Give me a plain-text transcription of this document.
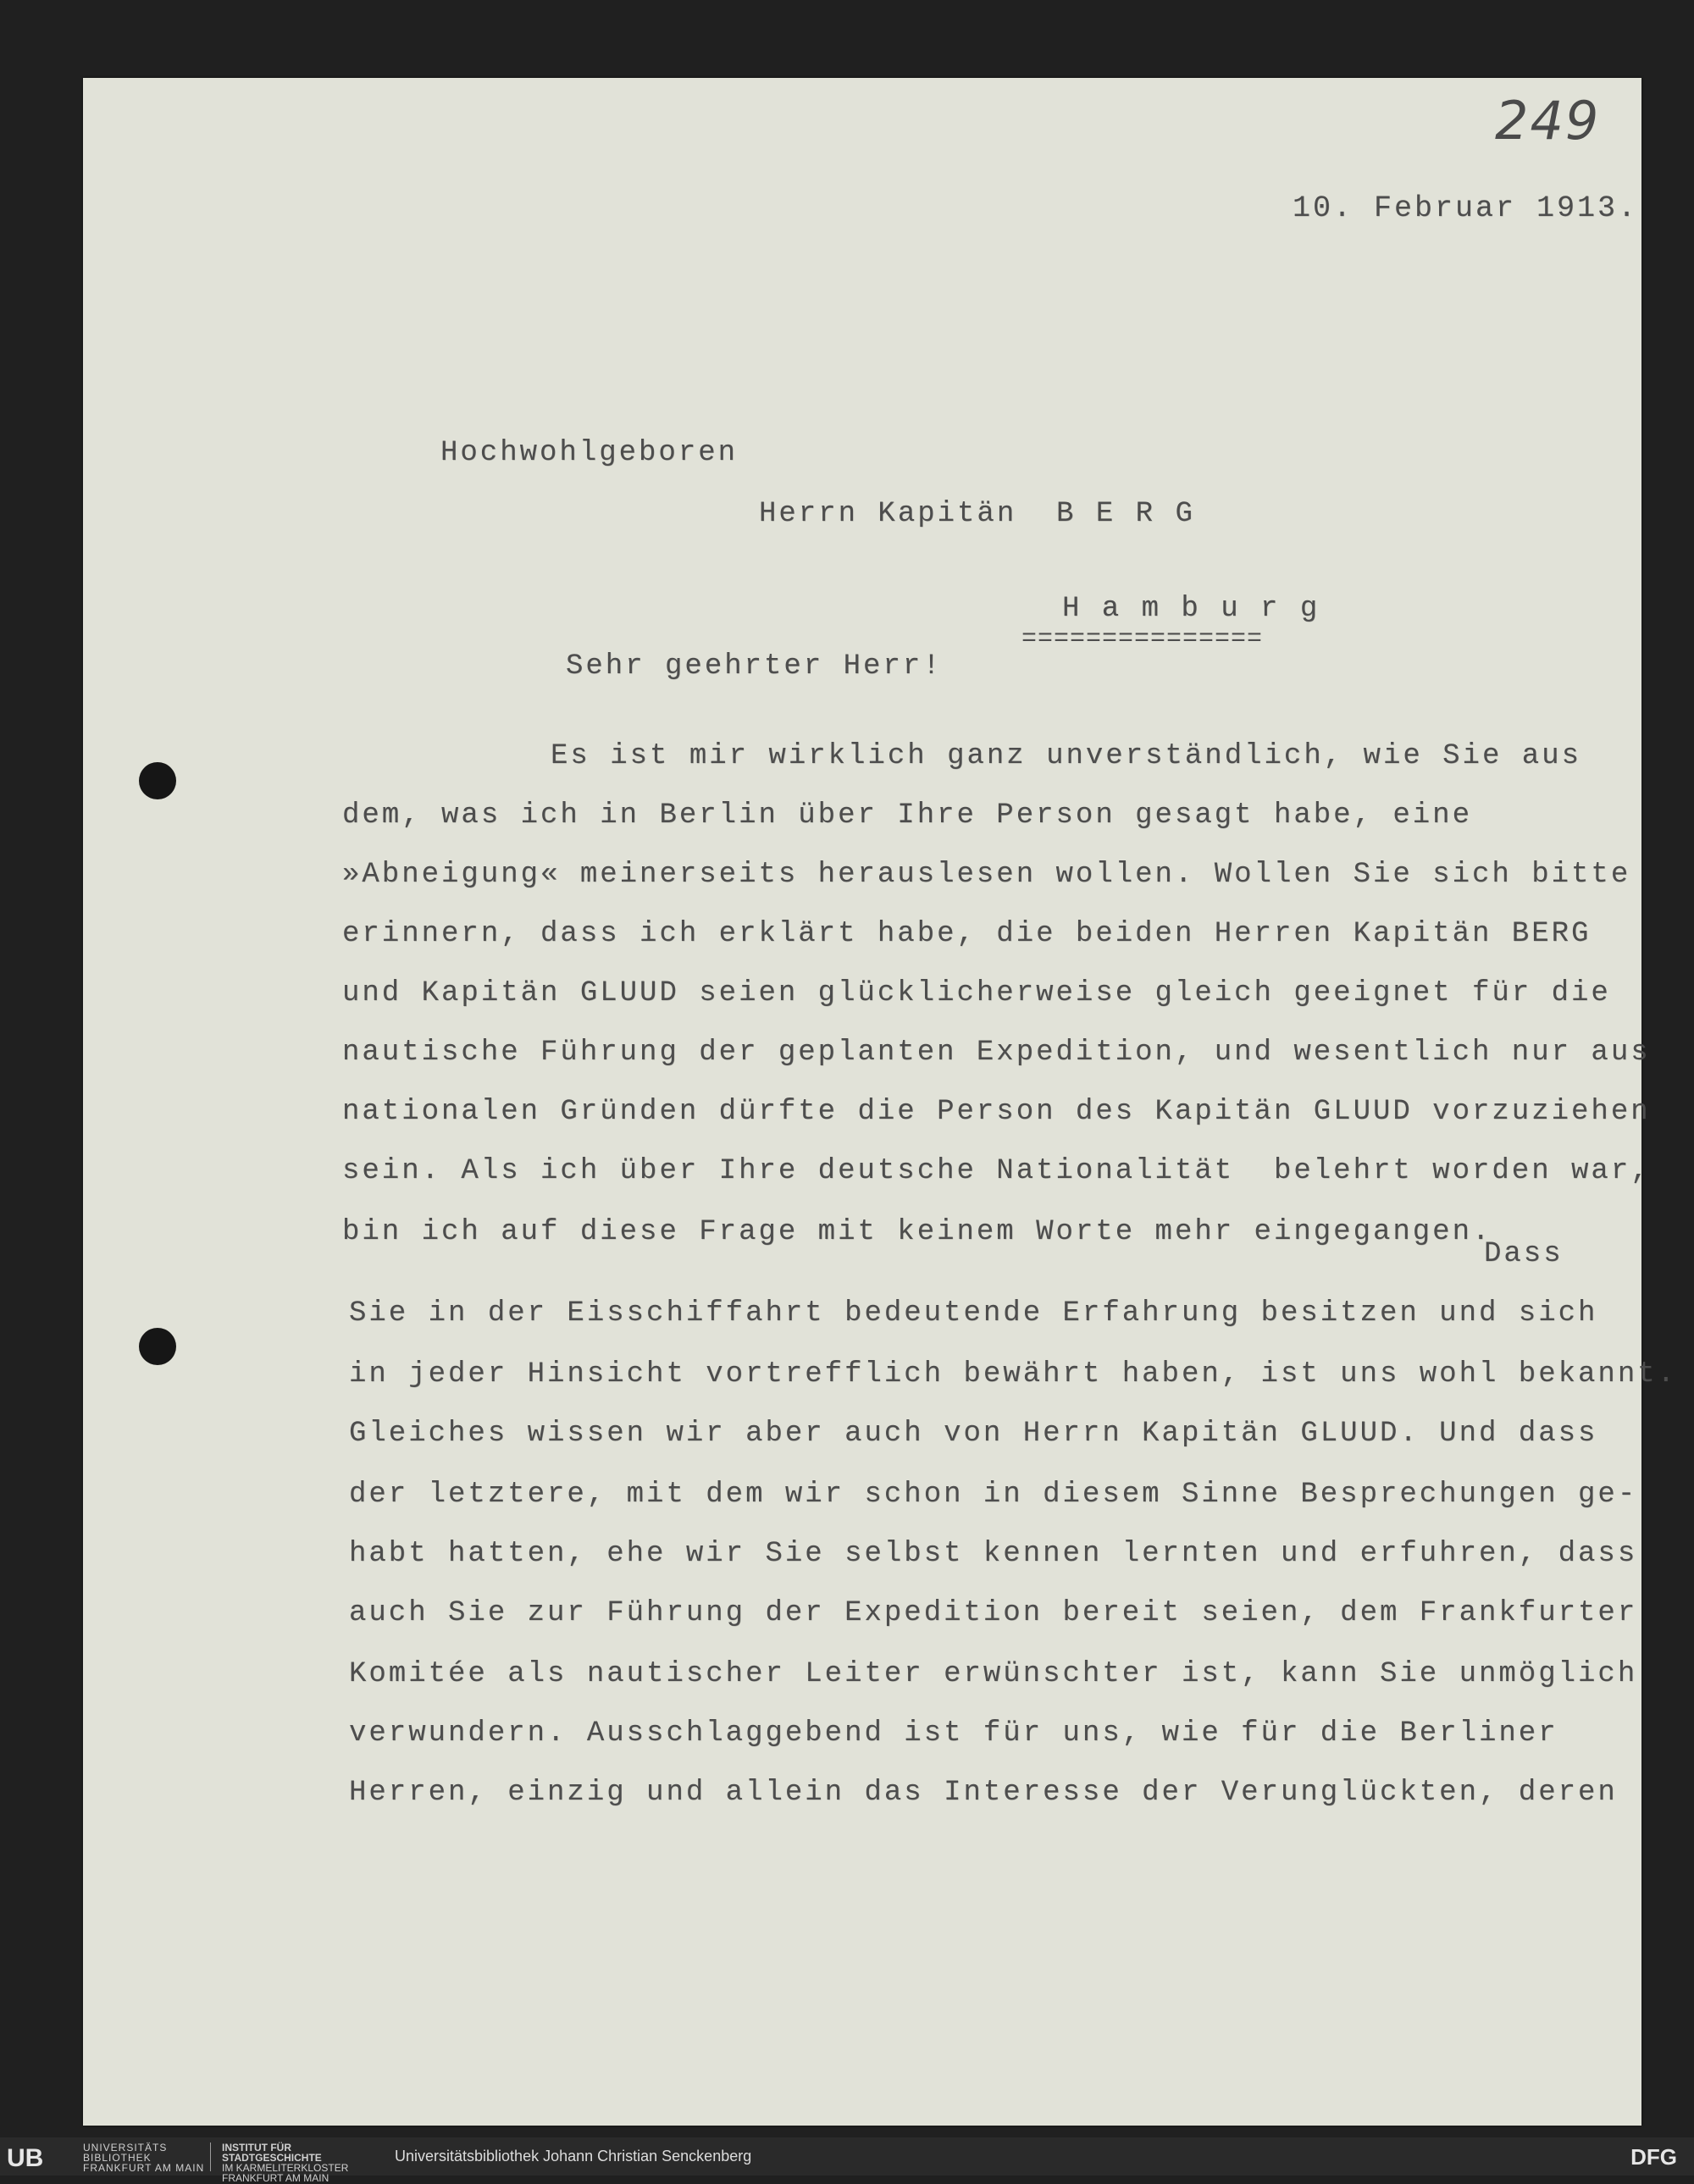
249
10. Februar 1913.
Hochwohlgeboren
Herrn Kapitän  B E R G
H a m b u r g
===============
Sehr geehrter Herr!
Es ist mir wirklich ganz unverständlich, wie Sie aus
dem, was ich in Berlin über Ihre Person gesagt habe, eine
»Abneigung« meinerseits herauslesen wollen. Wollen Sie sich bitte
erinnern, dass ich erklärt habe, die beiden Herren Kapitän BERG
und Kapitän GLUUD seien glücklicherweise gleich geeignet für die
nautische Führung der geplanten Expedition, und wesentlich nur aus
nationalen Gründen dürfte die Person des Kapitän GLUUD vorzuziehen
sein. Als ich über Ihre deutsche Nationalität  belehrt worden war,
bin ich auf diese Frage mit keinem Worte mehr eingegangen.
Dass
Sie in der Eisschiffahrt bedeutende Erfahrung besitzen und sich
in jeder Hinsicht vortrefflich bewährt haben, ist uns wohl bekannt.
Gleiches wissen wir aber auch von Herrn Kapitän GLUUD. Und dass
der letztere, mit dem wir schon in diesem Sinne Besprechungen ge-
habt hatten, ehe wir Sie selbst kennen lernten und erfuhren, dass
auch Sie zur Führung der Expedition bereit seien, dem Frankfurter
Komitée als nautischer Leiter erwünschter ist, kann Sie unmöglich
verwundern. Ausschlaggebend ist für uns, wie für die Berliner
Herren, einzig und allein das Interesse der Verunglückten, deren
UB	UNIVERSITÄTS
BIBLIOTHEK
FRANKFURT AM MAIN
INSTITUT FÜR
STADTGESCHICHTE
IM KARMELITERKLOSTER
FRANKFURT AM MAIN
Universitätsbibliothek Johann Christian Senckenberg	DFG
